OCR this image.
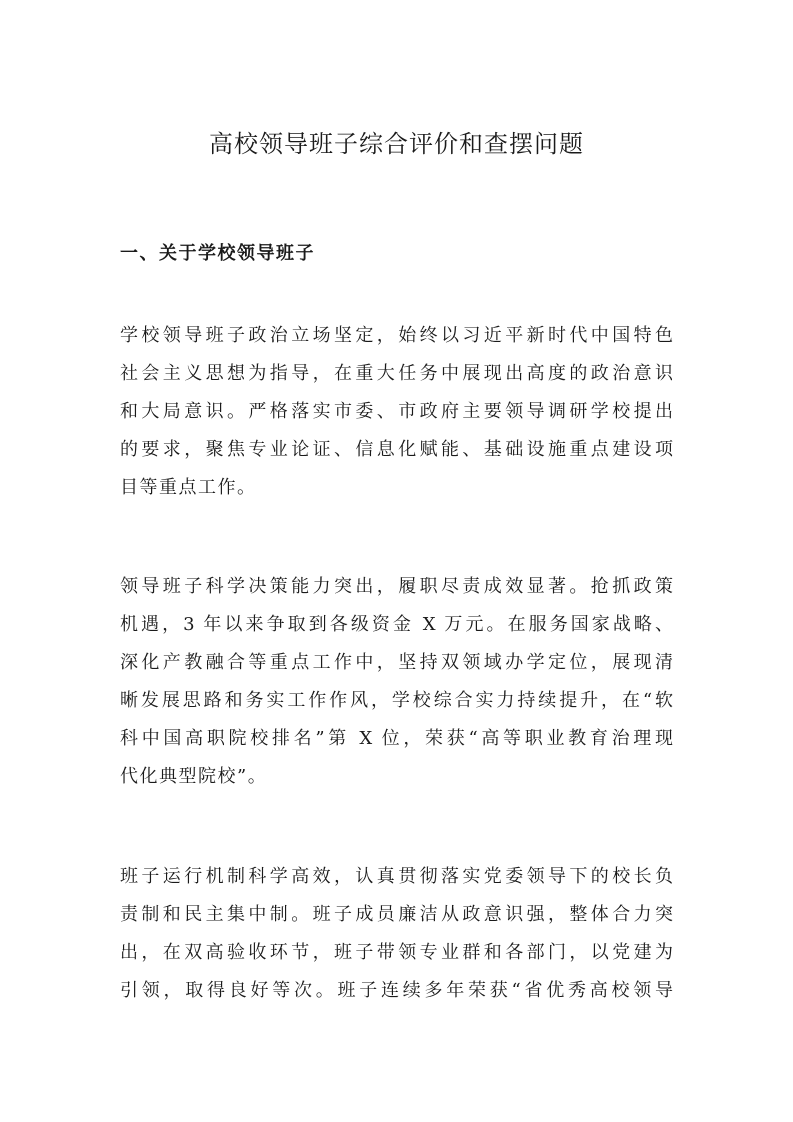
高校领导班子综合评价和查摆问题
一、关于学校领导班子

学校领导班子政治立场坚定，始终以习近平新时代中国特色

社会主义思想为指导，在重大任务中展现出高度的政治意识

和大局意识。严格落实市委、市政府主要领导调研学校提出

的要求，聚焦专业论证、信息化赋能、基础设施重点建设项

目等重点工作。

领导班子科学决策能力突出，履职尽责成效显著。抢抓政策

机遇，3 年以来争取到各级资金 X 万元。在服务国家战略、

深化产教融合等重点工作中，坚持双领域办学定位，展现清

晰发展思路和务实工作作风，学校综合实力持续提升，在“软

科中国高职院校排名”第 X 位，荣获“高等职业教育治理现

代化典型院校”。

班子运行机制科学高效，认真贯彻落实党委领导下的校长负

责制和民主集中制。班子成员廉洁从政意识强，整体合力突

出，在双高验收环节，班子带领专业群和各部门，以党建为

引领，取得良好等次。班子连续多年荣获“省优秀高校领导
